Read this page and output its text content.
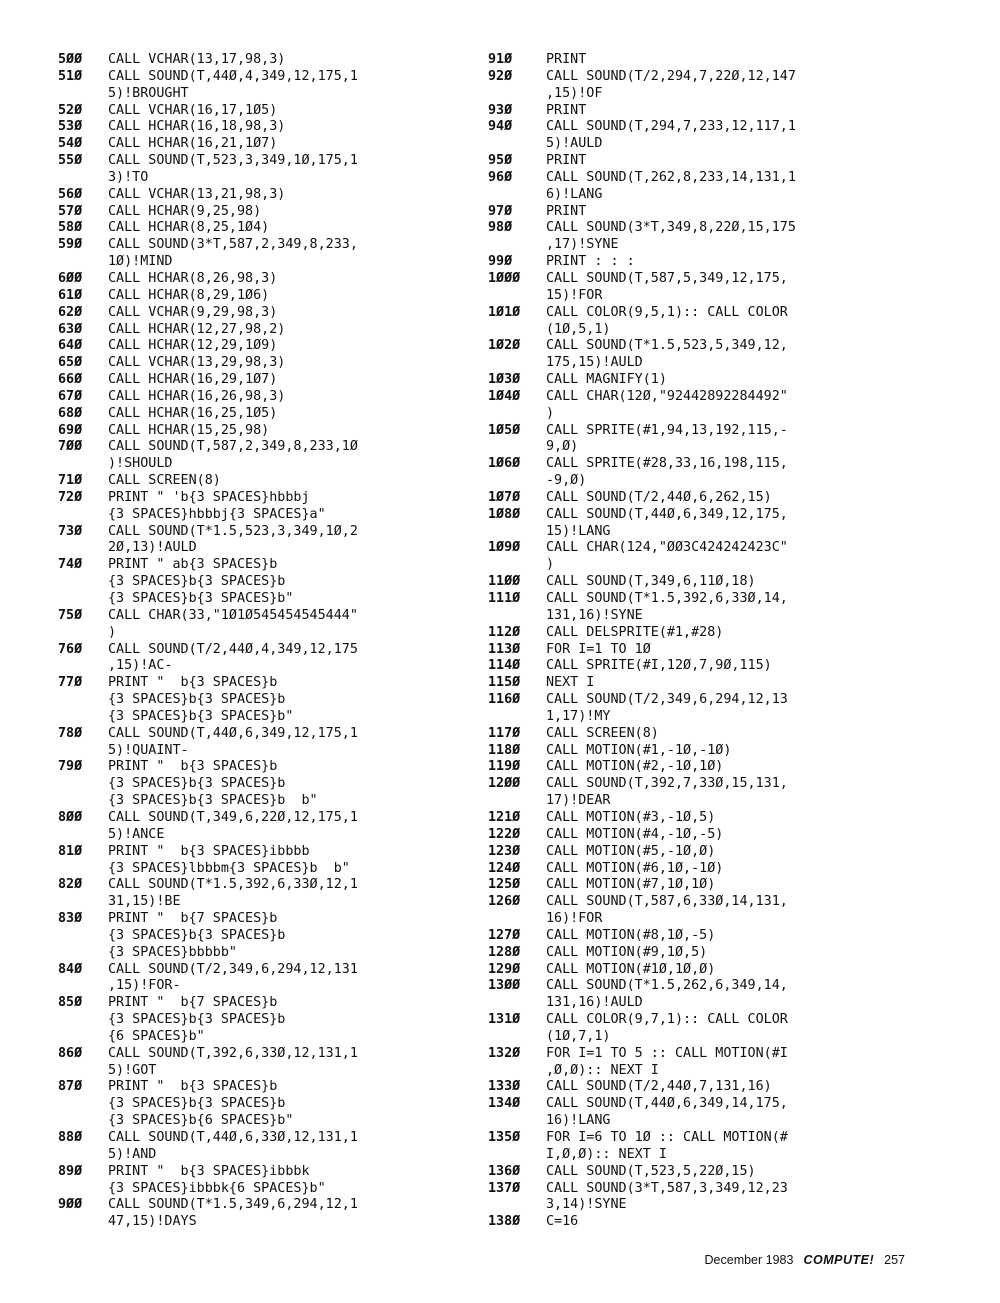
5ØØ	CALL VCHAR(13,17,98,3)
51Ø	CALL SOUND(T,44Ø,4,349,12,175,1
5)!BROUGHT
52Ø	CALL VCHAR(16,17,1Ø5)
53Ø	CALL HCHAR(16,18,98,3)
54Ø	CALL HCHAR(16,21,1Ø7)
55Ø	CALL SOUND(T,523,3,349,1Ø,175,1
3)!TO
56Ø	CALL VCHAR(13,21,98,3)
57Ø	CALL HCHAR(9,25,98)
58Ø	CALL HCHAR(8,25,1Ø4)
59Ø	CALL SOUND(3*T,587,2,349,8,233,
1Ø)!MIND
6ØØ	CALL HCHAR(8,26,98,3)
61Ø	CALL HCHAR(8,29,1Ø6)
62Ø	CALL VCHAR(9,29,98,3)
63Ø	CALL HCHAR(12,27,98,2)
64Ø	CALL HCHAR(12,29,1Ø9)
65Ø	CALL VCHAR(13,29,98,3)
66Ø	CALL HCHAR(16,29,1Ø7)
67Ø	CALL HCHAR(16,26,98,3)
68Ø	CALL HCHAR(16,25,1Ø5)
69Ø	CALL HCHAR(15,25,98)
7ØØ	CALL SOUND(T,587,2,349,8,233,1Ø
)!SHOULD
71Ø	CALL SCREEN(8)
72Ø	PRINT " 'b{3 SPACES}hbbbj
{3 SPACES}hbbbj{3 SPACES}a"
73Ø	CALL SOUND(T*1.5,523,3,349,1Ø,2
2Ø,13)!AULD
74Ø	PRINT " ab{3 SPACES}b
{3 SPACES}b{3 SPACES}b
{3 SPACES}b{3 SPACES}b"
75Ø	CALL CHAR(33,"1Ø1Ø545454545444"
)
76Ø	CALL SOUND(T/2,44Ø,4,349,12,175
,15)!AC-
77Ø	PRINT "  b{3 SPACES}b
{3 SPACES}b{3 SPACES}b
{3 SPACES}b{3 SPACES}b"
78Ø	CALL SOUND(T,44Ø,6,349,12,175,1
5)!QUAINT-
79Ø	PRINT "  b{3 SPACES}b
{3 SPACES}b{3 SPACES}b
{3 SPACES}b{3 SPACES}b  b"
8ØØ	CALL SOUND(T,349,6,22Ø,12,175,1
5)!ANCE
81Ø	PRINT "  b{3 SPACES}ibbbb
{3 SPACES}lbbbm{3 SPACES}b  b"
82Ø	CALL SOUND(T*1.5,392,6,33Ø,12,1
31,15)!BE
83Ø	PRINT "  b{7 SPACES}b
{3 SPACES}b{3 SPACES}b
{3 SPACES}bbbbb"
84Ø	CALL SOUND(T/2,349,6,294,12,131
,15)!FOR-
85Ø	PRINT "  b{7 SPACES}b
{3 SPACES}b{3 SPACES}b
{6 SPACES}b"
86Ø	CALL SOUND(T,392,6,33Ø,12,131,1
5)!GOT
87Ø	PRINT "  b{3 SPACES}b
{3 SPACES}b{3 SPACES}b
{3 SPACES}b{6 SPACES}b"
88Ø	CALL SOUND(T,44Ø,6,33Ø,12,131,1
5)!AND
89Ø	PRINT "  b{3 SPACES}ibbbk
{3 SPACES}ibbbk{6 SPACES}b"
9ØØ	CALL SOUND(T*1.5,349,6,294,12,1
47,15)!DAYS
91Ø	PRINT
92Ø	CALL SOUND(T/2,294,7,22Ø,12,147
,15)!OF
93Ø	PRINT
94Ø	CALL SOUND(T,294,7,233,12,117,1
5)!AULD
95Ø	PRINT
96Ø	CALL SOUND(T,262,8,233,14,131,1
6)!LANG
97Ø	PRINT
98Ø	CALL SOUND(3*T,349,8,22Ø,15,175
,17)!SYNE
99Ø	PRINT : : :
1ØØØ	CALL SOUND(T,587,5,349,12,175,
15)!FOR
1Ø1Ø	CALL COLOR(9,5,1):: CALL COLOR
(1Ø,5,1)
1Ø2Ø	CALL SOUND(T*1.5,523,5,349,12,
175,15)!AULD
1Ø3Ø	CALL MAGNIFY(1)
1Ø4Ø	CALL CHAR(12Ø,"92442892284492"
)
1Ø5Ø	CALL SPRITE(#1,94,13,192,115,-
9,Ø)
1Ø6Ø	CALL SPRITE(#28,33,16,198,115,
-9,Ø)
1Ø7Ø	CALL SOUND(T/2,44Ø,6,262,15)
1Ø8Ø	CALL SOUND(T,44Ø,6,349,12,175,
15)!LANG
1Ø9Ø	CALL CHAR(124,"ØØ3C424242423C"
)
11ØØ	CALL SOUND(T,349,6,11Ø,18)
111Ø	CALL SOUND(T*1.5,392,6,33Ø,14,
131,16)!SYNE
112Ø	CALL DELSPRITE(#1,#28)
113Ø	FOR I=1 TO 1Ø
114Ø	CALL SPRITE(#I,12Ø,7,9Ø,115)
115Ø	NEXT I
116Ø	CALL SOUND(T/2,349,6,294,12,13
1,17)!MY
117Ø	CALL SCREEN(8)
118Ø	CALL MOTION(#1,-1Ø,-1Ø)
119Ø	CALL MOTION(#2,-1Ø,1Ø)
12ØØ	CALL SOUND(T,392,7,33Ø,15,131,
17)!DEAR
121Ø	CALL MOTION(#3,-1Ø,5)
122Ø	CALL MOTION(#4,-1Ø,-5)
123Ø	CALL MOTION(#5,-1Ø,Ø)
124Ø	CALL MOTION(#6,1Ø,-1Ø)
125Ø	CALL MOTION(#7,1Ø,1Ø)
126Ø	CALL SOUND(T,587,6,33Ø,14,131,
16)!FOR
127Ø	CALL MOTION(#8,1Ø,-5)
128Ø	CALL MOTION(#9,1Ø,5)
129Ø	CALL MOTION(#1Ø,1Ø,Ø)
13ØØ	CALL SOUND(T*1.5,262,6,349,14,
131,16)!AULD
131Ø	CALL COLOR(9,7,1):: CALL COLOR
(1Ø,7,1)
132Ø	FOR I=1 TO 5 :: CALL MOTION(#I
,Ø,Ø):: NEXT I
133Ø	CALL SOUND(T/2,44Ø,7,131,16)
134Ø	CALL SOUND(T,44Ø,6,349,14,175,
16)!LANG
135Ø	FOR I=6 TO 1Ø :: CALL MOTION(#
I,Ø,Ø):: NEXT I
136Ø	CALL SOUND(T,523,5,22Ø,15)
137Ø	CALL SOUND(3*T,587,3,349,12,23
3,14)!SYNE
138Ø	C=16
December 1983 COMPUTE! 257
